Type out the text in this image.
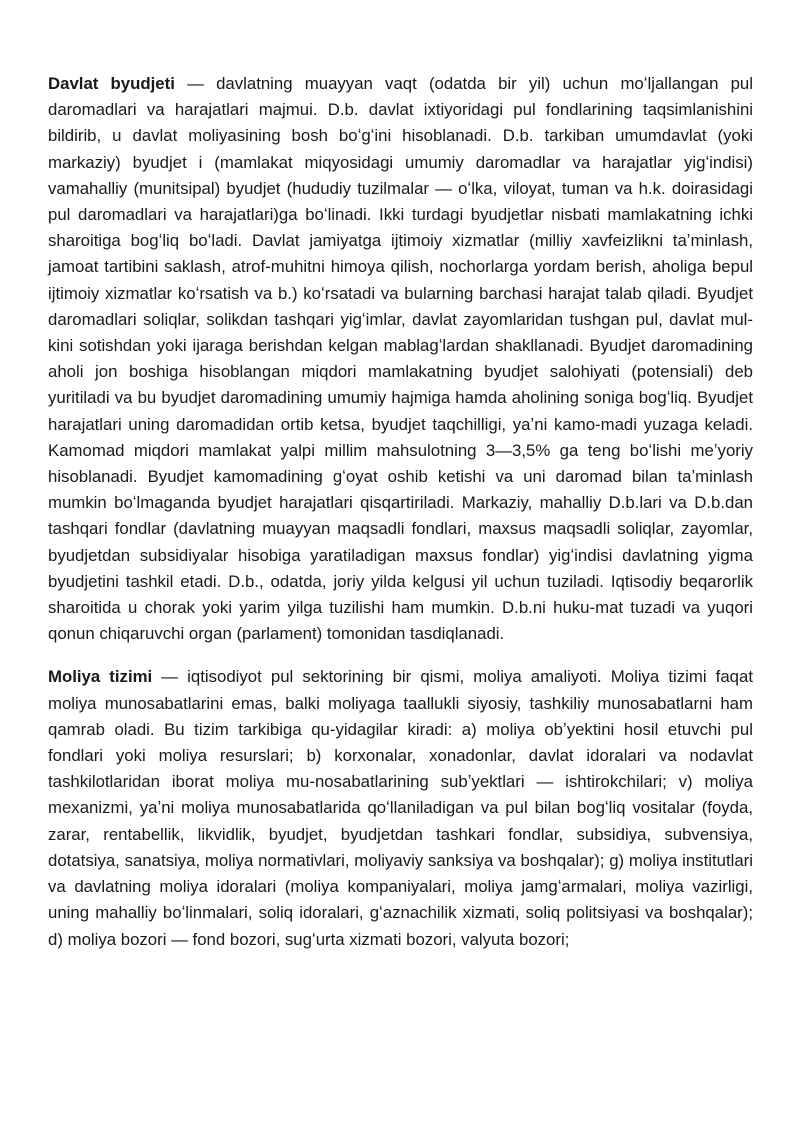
Davlat byudjeti — davlatning muayyan vaqt (odatda bir yil) uchun moʻljallangan pul daromadlari va harajatlari majmui. D.b. davlat ixtiyoridagi pul fondlarining taqsimlanishini bildirib, u davlat moliyasining bosh boʻgʻini hisoblanadi. D.b. tarkiban umumdavlat (yoki markaziy) byudjet i (mamlakat miqyosidagi umumiy daromadlar va harajatlar yigʻindisi) vamahalliy (munitsipal) byudjet (hududiy tuzilmalar — oʻlka, viloyat, tuman va h.k. doirasidagi pul daromadlari va harajatlari)ga boʻlinadi. Ikki turdagi byudjetlar nisbati mamlakatning ichki sharoitiga bogʻliq boʻladi. Davlat jamiyatga ijtimoiy xizmatlar (milliy xavfeizlikni taʼminlash, jamoat tartibini saklash, atrof-muhitni himoya qilish, nochorlarga yordam berish, aholiga bepul ijtimoiy xizmatlar koʻrsatish va b.) koʻrsatadi va bularning barchasi harajat talab qiladi. Byudjet daromadlari soliqlar, solikdan tashqari yigʻimlar, davlat zayomlaridan tushgan pul, davlat mul-kini sotishdan yoki ijaraga berishdan kelgan mablagʻlardan shakllanadi. Byudjet daromadining aholi jon boshiga hisoblangan miqdori mamlakatning byudjet salohiyati (potensiali) deb yuritiladi va bu byudjet daromadining umumiy hajmiga hamda aholining soniga bogʻliq. Byudjet harajatlari uning daromadidan ortib ketsa, byudjet taqchilligi, yaʼni kamo-madi yuzaga keladi. Kamomad miqdori mamlakat yalpi millim mahsulotning 3—3,5% ga teng boʻlishi meʼyoriy hisoblanadi. Byudjet kamomadining gʻoyat oshib ketishi va uni daromad bilan taʼminlash mumkin boʻlmaganda byudjet harajatlari qisqartiriladi. Markaziy, mahalliy D.b.lari va D.b.dan tashqari fondlar (davlatning muayyan maqsadli fondlari, maxsus maqsadli soliqlar, zayomlar, byudjetdan subsidiyalar hisobiga yaratiladigan maxsus fondlar) yigʻindisi davlatning yigma byudjetini tashkil etadi. D.b., odatda, joriy yilda kelgusi yil uchun tuziladi. Iqtisodiy beqarorlik sharoitida u chorak yoki yarim yilga tuzilishi ham mumkin. D.b.ni huku-mat tuzadi va yuqori qonun chiqaruvchi organ (parlament) tomonidan tasdiqlanadi.

Moliya tizimi — iqtisodiyot pul sektorining bir qismi, moliya amaliyoti. Moliya tizimi faqat moliya munosabatlarini emas, balki moliyaga taallukli siyosiy, tashkiliy munosabatlarni ham qamrab oladi. Bu tizim tarkibiga qu-yidagilar kiradi: a) moliya obʼyektini hosil etuvchi pul fondlari yoki moliya resurslari; b) korxonalar, xonadonlar, davlat idoralari va nodavlat tashkilotlaridan iborat moliya mu-nosabatlarining subʼyektlari — ishtirokchilari; v) moliya mexanizmi, yaʼni moliya munosabatlarida qoʻllaniladigan va pul bilan bogʻliq vositalar (foyda, zarar, rentabellik, likvidlik, byudjet, byudjetdan tashkari fondlar, subsidiya, subvensiya, dotatsiya, sanatsiya, moliya normativlari, moliyaviy sanksiya va boshqalar); g) moliya institutlari va davlatning moliya idoralari (moliya kompaniyalari, moliya jamgʻarmalari, moliya vazirligi, uning mahalliy boʻlinmalari, soliq idoralari, gʻaznachilik xizmati, soliq politsiyasi va boshqalar); d) moliya bozori — fond bozori, sugʻurta xizmati bozori, valyuta bozori;
